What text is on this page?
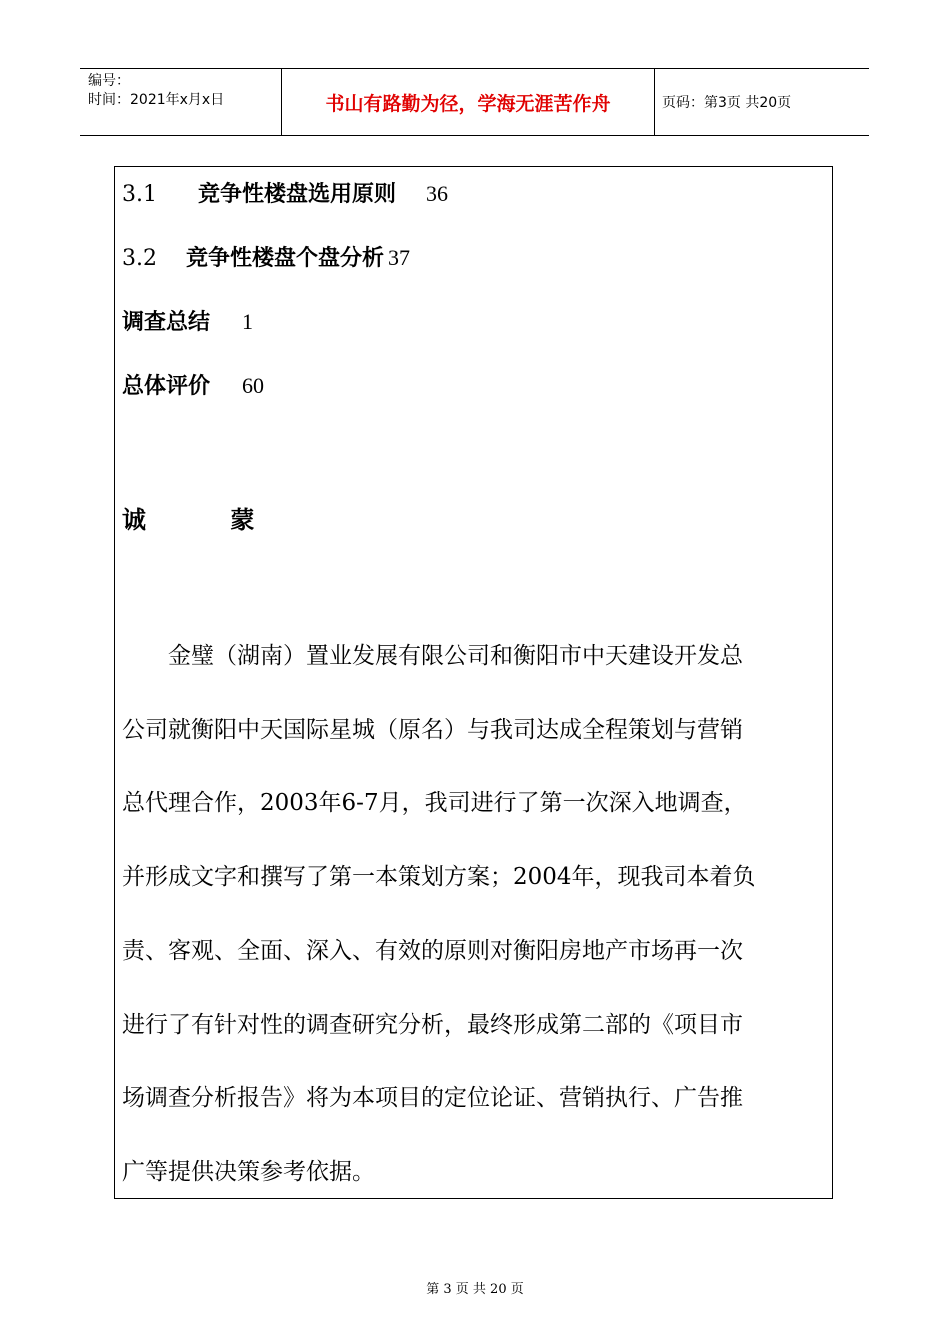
编号：
时间：2021年x月x日	书山有路勤为径，学海无涯苦作舟	页码：第3页 共20页
3.1 竞争性楼盘选用原则 36
3.2 竞争性楼盘个盘分析 37
调查总结 1
总体评价 60
诚 蒙
　　金璧（湖南）置业发展有限公司和衡阳市中天建设开发总
公司就衡阳中天国际星城（原名）与我司达成全程策划与营销
总代理合作，2003年6-7月，我司进行了第一次深入地调查，
并形成文字和撰写了第一本策划方案；2004年，现我司本着负
责、客观、全面、深入、有效的原则对衡阳房地产市场再一次
进行了有针对性的调查研究分析，最终形成第二部的《项目市
场调查分析报告》将为本项目的定位论证、营销执行、广告推
广等提供决策参考依据。
第 3 页 共 20 页
